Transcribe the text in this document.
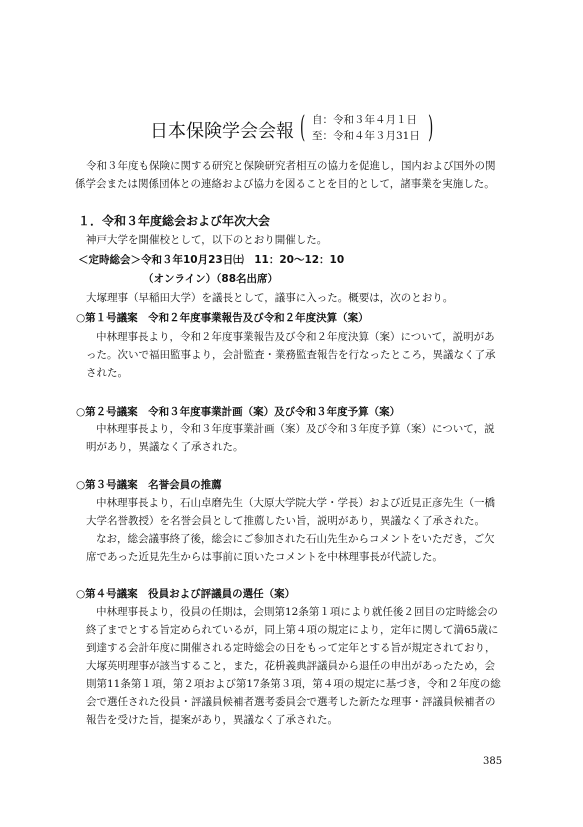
日本保険学会会報 ( 自：令和３年４月１日
至：令和４年３月31日 )
令和３年度も保険に関する研究と保険研究者相互の協力を促進し，国内および国外の関
係学会または関係団体との連絡および協力を図ることを目的として，諸事業を実施した。
１．令和３年度総会および年次大会
神戸大学を開催校として，以下のとおり開催した。
＜定時総会＞令和３年10月23日㈯　11：20〜12：10
（オンライン）（88名出席）
大塚理事（早稲田大学）を議長として，議事に入った。概要は，次のとおり。
○第１号議案　令和２年度事業報告及び令和２年度決算（案）
中林理事長より，令和２年度事業報告及び令和２年度決算（案）について，説明があ
った。次いで福田監事より，会計監査・業務監査報告を行なったところ，異議なく了承
された。
○第２号議案　令和３年度事業計画（案）及び令和３年度予算（案）
中林理事長より，令和３年度事業計画（案）及び令和３年度予算（案）について，説
明があり，異議なく了承された。
○第３号議案　名誉会員の推薦
中林理事長より，石山卓磨先生（大原大学院大学・学長）および近見正彦先生（一橋
大学名誉教授）を名誉会員として推薦したい旨，説明があり，異議なく了承された。
なお，総会議事終了後，総会にご参加された石山先生からコメントをいただき，ご欠
席であった近見先生からは事前に頂いたコメントを中林理事長が代読した。
○第４号議案　役員および評議員の選任（案）
中林理事長より，役員の任期は，会則第12条第１項により就任後２回目の定時総会の
終了までとする旨定められているが，同上第４項の規定により，定年に関して満65歳に
到達する会計年度に開催される定時総会の日をもって定年とする旨が規定されており，
大塚英明理事が該当すること，また，花枡義典評議員から退任の申出があったため，会
則第11条第１項，第２項および第17条第３項，第４項の規定に基づき，令和２年度の総
会で選任された役員・評議員候補者選考委員会で選考した新たな理事・評議員候補者の
報告を受けた旨，提案があり，異議なく了承された。
385
